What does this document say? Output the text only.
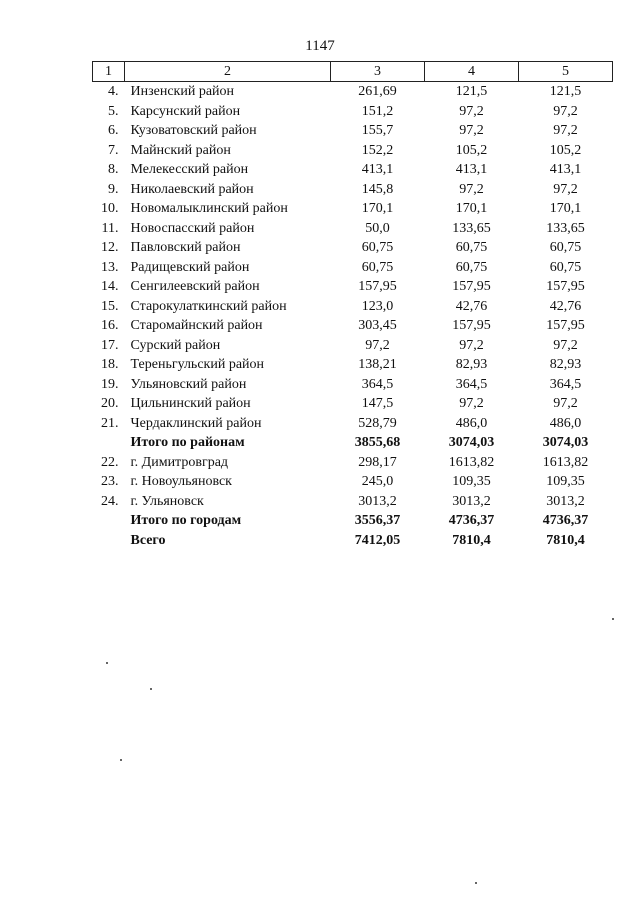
1147
1	2	3	4	5
4.	Инзенский район	261,69	121,5	121,5
5.	Карсунский район	151,2	97,2	97,2
6.	Кузоватовский район	155,7	97,2	97,2
7.	Майнский район	152,2	105,2	105,2
8.	Мелекесский район	413,1	413,1	413,1
9.	Николаевский район	145,8	97,2	97,2
10.	Новомалыклинский район	170,1	170,1	170,1
11.	Новоспасский район	50,0	133,65	133,65
12.	Павловский район	60,75	60,75	60,75
13.	Радищевский район	60,75	60,75	60,75
14.	Сенгилеевский район	157,95	157,95	157,95
15.	Старокулаткинский район	123,0	42,76	42,76
16.	Старомайнский район	303,45	157,95	157,95
17.	Сурский район	97,2	97,2	97,2
18.	Тереньгульский район	138,21	82,93	82,93
19.	Ульяновский район	364,5	364,5	364,5
20.	Цильнинский район	147,5	97,2	97,2
21.	Чердаклинский район	528,79	486,0	486,0
	Итого по районам	3855,68	3074,03	3074,03
22.	г. Димитровград	298,17	1613,82	1613,82
23.	г. Новоульяновск	245,0	109,35	109,35
24.	г. Ульяновск	3013,2	3013,2	3013,2
	Итого по городам	3556,37	4736,37	4736,37
	Всего	7412,05	7810,4	7810,4
